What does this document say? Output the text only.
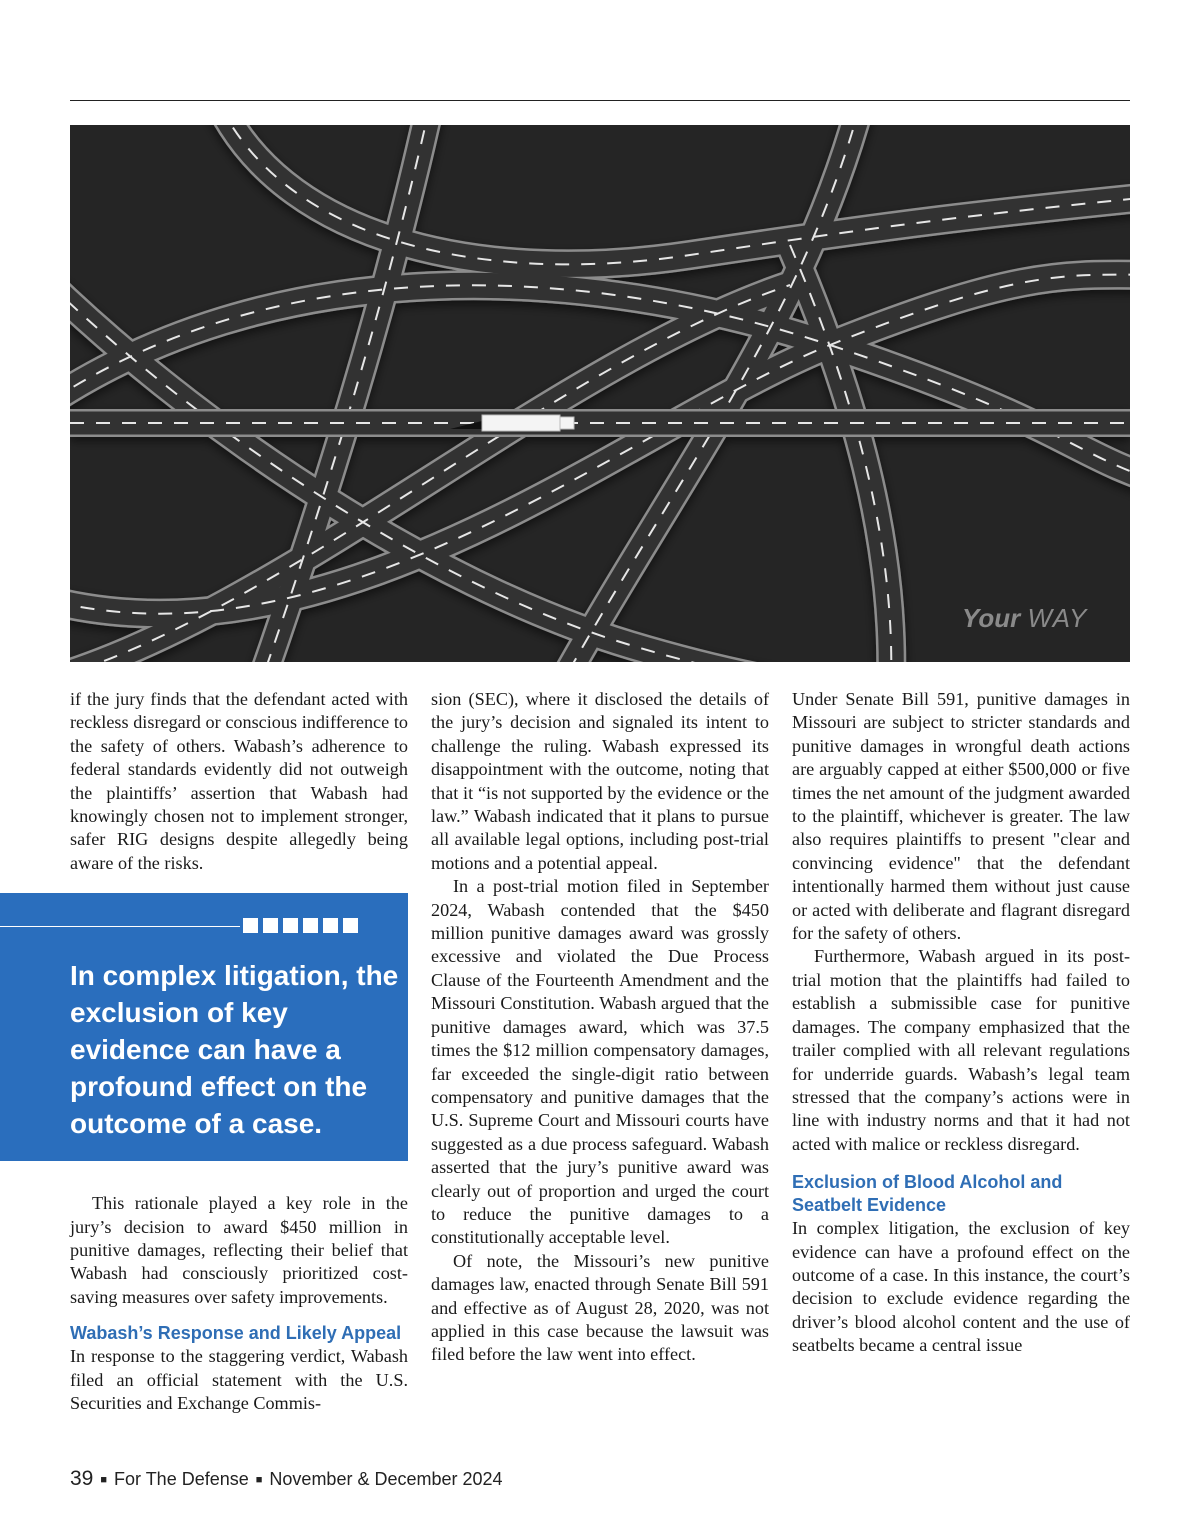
Your WAY

if the jury finds that the defendant acted with reckless disregard or conscious indifference to the safety of others. Wabash’s adherence to federal standards evidently did not outweigh the plaintiffs’ assertion that Wabash had knowingly chosen not to implement stronger, safer RIG designs despite allegedly being aware of the risks.

This rationale played a key role in the jury’s decision to award $450 million in punitive damages, reflecting their belief that Wabash had consciously prioritized cost-saving measures over safety improvements.

Wabash’s Response and Likely Appeal

In response to the staggering verdict, Wabash filed an official statement with the U.S. Securities and Exchange Commis-

In complex litigation, the exclusion of key evidence can have a profound effect on the outcome of a case.

sion (SEC), where it disclosed the details of the jury’s decision and signaled its intent to challenge the ruling. Wabash expressed its disappointment with the outcome, noting that that it “is not supported by the evidence or the law.” Wabash indicated that it plans to pursue all available legal options, including post-trial motions and a potential appeal.

In a post-trial motion filed in September 2024, Wabash contended that the $450 million punitive damages award was grossly excessive and violated the Due Process Clause of the Fourteenth Amendment and the Missouri Constitution. Wabash argued that the punitive damages award, which was 37.5 times the $12 million compensatory damages, far exceeded the single-digit ratio between compensatory and punitive damages that the U.S. Supreme Court and Missouri courts have suggested as a due process safeguard. Wabash asserted that the jury’s punitive award was clearly out of proportion and urged the court to reduce the punitive damages to a constitutionally acceptable level.

Of note, the Missouri’s new punitive damages law, enacted through Senate Bill 591 and effective as of August 28, 2020, was not applied in this case because the lawsuit was filed before the law went into effect.

Under Senate Bill 591, punitive damages in Missouri are subject to stricter standards and punitive damages in wrongful death actions are arguably capped at either $500,000 or five times the net amount of the judgment awarded to the plaintiff, whichever is greater. The law also requires plaintiffs to present "clear and convincing evidence" that the defendant intentionally harmed them without just cause or acted with deliberate and flagrant disregard for the safety of others.

Furthermore, Wabash argued in its post-trial motion that the plaintiffs had failed to establish a submissible case for punitive damages. The company emphasized that the trailer complied with all relevant regulations for underride guards. Wabash’s legal team stressed that the company’s actions were in line with industry norms and that it had not acted with malice or reckless disregard.

Exclusion of Blood Alcohol and Seatbelt Evidence

In complex litigation, the exclusion of key evidence can have a profound effect on the outcome of a case. In this instance, the court’s decision to exclude evidence regarding the driver’s blood alcohol content and the use of seatbelts became a central issue

39 ■ For The Defense ■ November & December 2024
